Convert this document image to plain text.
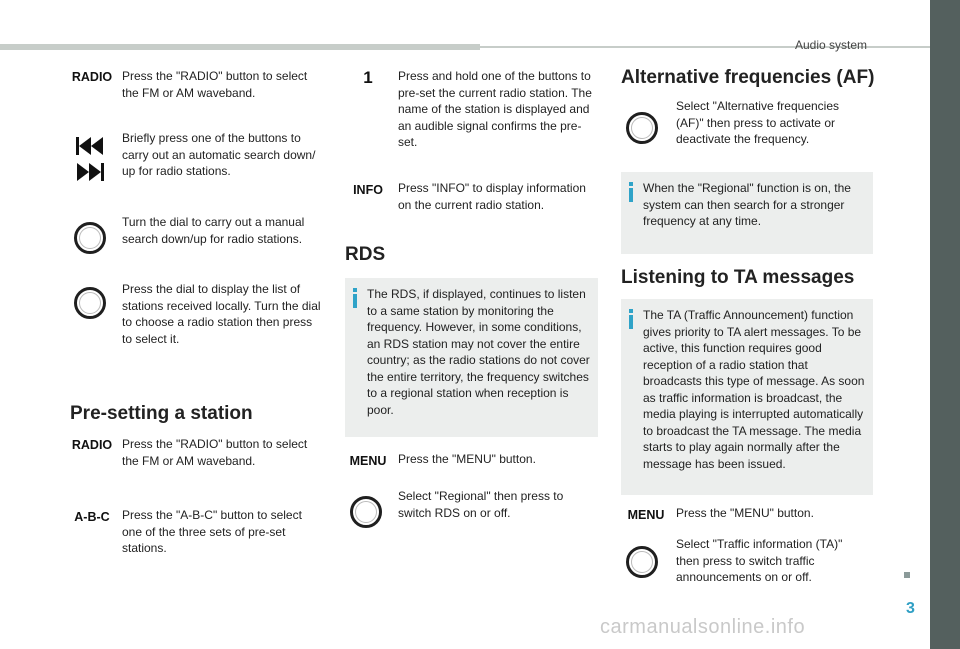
Audio system
3
carmanualsonline.info
RADIO Press the "RADIO" button to select the FM or AM waveband.
Briefly press one of the buttons to carry out an automatic search down/ up for radio stations.
Turn the dial to carry out a manual search down/up for radio stations.
Press the dial to display the list of stations received locally. Turn the dial to choose a radio station then press to select it.
Pre-setting a station
RADIO Press the "RADIO" button to select the FM or AM waveband.
A-B-C	Press the "A-B-C" button to select one of the three sets of pre-set stations.
1 Press and hold one of the buttons to pre-set the current radio station. The name of the station is displayed and an audible signal confirms the pre-set.
INFO Press "INFO" to display information on the current radio station.
RDS
The RDS, if displayed, continues to listen to a same station by monitoring the frequency. However, in some conditions, an RDS station may not cover the entire country; as the radio stations do not cover the entire territory, the frequency switches to a regional station when reception is poor.
MENU Press the "MENU" button.
Select "Regional" then press to switch RDS on or off.
Alternative frequencies (AF)
Select "Alternative frequencies (AF)" then press to activate or deactivate the frequency.
When the "Regional" function is on, the system can then search for a stronger frequency at any time.
Listening to TA messages
The TA (Traffic Announcement) function gives priority to TA alert messages. To be active, this function requires good reception of a radio station that broadcasts this type of message. As soon as traffic information is broadcast, the media playing is interrupted automatically to broadcast the TA message. The media starts to play again normally after the message has been issued.
MENU Press the "MENU" button.
Select "Traffic information (TA)" then press to switch traffic announcements on or off.
